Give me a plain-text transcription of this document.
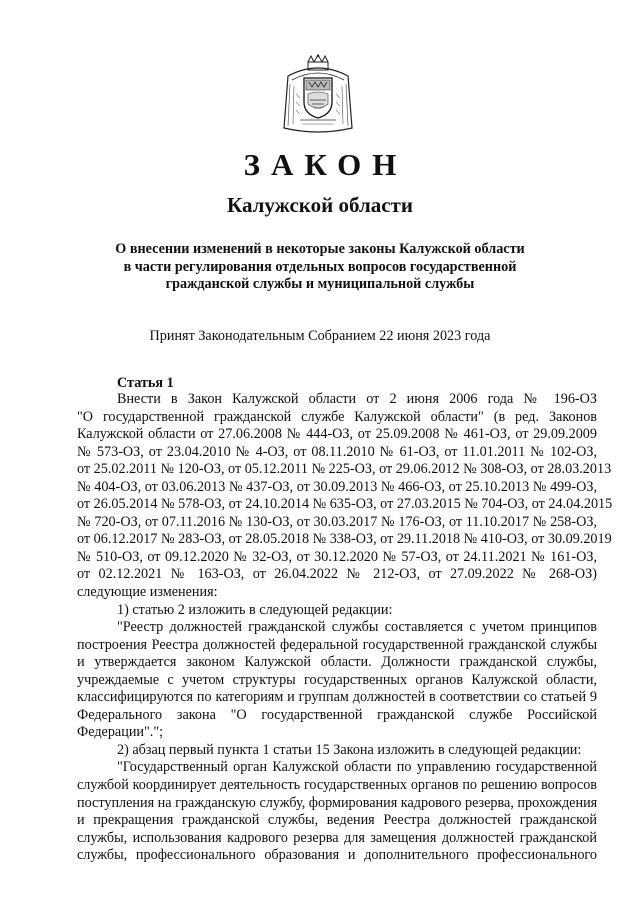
ЗАКОН
Калужской области
О внесении изменений в некоторые законы Калужской области
в части регулирования отдельных вопросов государственной
гражданской службы и муниципальной службы
Принят Законодательным Собранием 22 июня 2023 года
Статья 1
Внести в Закон Калужской области от 2 июня 2006 года № 196-ОЗ
"О государственной гражданской службе Калужской области" (в ред. Законов
Калужской области от 27.06.2008 № 444-ОЗ, от 25.09.2008 № 461-ОЗ, от 29.09.2009
№ 573-ОЗ, от 23.04.2010 № 4-ОЗ, от 08.11.2010 № 61-ОЗ, от 11.01.2011 № 102-ОЗ,
от 25.02.2011 № 120-ОЗ, от 05.12.2011 № 225-ОЗ, от 29.06.2012 № 308-ОЗ, от 28.03.2013
№ 404-ОЗ, от 03.06.2013 № 437-ОЗ, от 30.09.2013 № 466-ОЗ, от 25.10.2013 № 499-ОЗ,
от 26.05.2014 № 578-ОЗ, от 24.10.2014 № 635-ОЗ, от 27.03.2015 № 704-ОЗ, от 24.04.2015
№ 720-ОЗ, от 07.11.2016 № 130-ОЗ, от 30.03.2017 № 176-ОЗ, от 11.10.2017 № 258-ОЗ,
от 06.12.2017 № 283-ОЗ, от 28.05.2018 № 338-ОЗ, от 29.11.2018 № 410-ОЗ, от 30.09.2019
№ 510-ОЗ, от 09.12.2020 № 32-ОЗ, от 30.12.2020 № 57-ОЗ, от 24.11.2021 № 161-ОЗ,
от 02.12.2021 № 163-ОЗ, от 26.04.2022 № 212-ОЗ, от 27.09.2022 № 268-ОЗ)
следующие изменения:
1) статью 2 изложить в следующей редакции:
"Реестр должностей гражданской службы составляется с учетом принципов
построения Реестра должностей федеральной государственной гражданской службы
и утверждается законом Калужской области. Должности гражданской службы,
учреждаемые с учетом структуры государственных органов Калужской области,
классифицируются по категориям и группам должностей в соответствии со статьей 9
Федерального закона "О государственной гражданской службе Российской
Федерации".";
2) абзац первый пункта 1 статьи 15 Закона изложить в следующей редакции:
"Государственный орган Калужской области по управлению государственной
службой координирует деятельность государственных органов по решению вопросов
поступления на гражданскую службу, формирования кадрового резерва, прохождения
и прекращения гражданской службы, ведения Реестра должностей гражданской
службы, использования кадрового резерва для замещения должностей гражданской
службы, профессионального образования и дополнительного профессионального
